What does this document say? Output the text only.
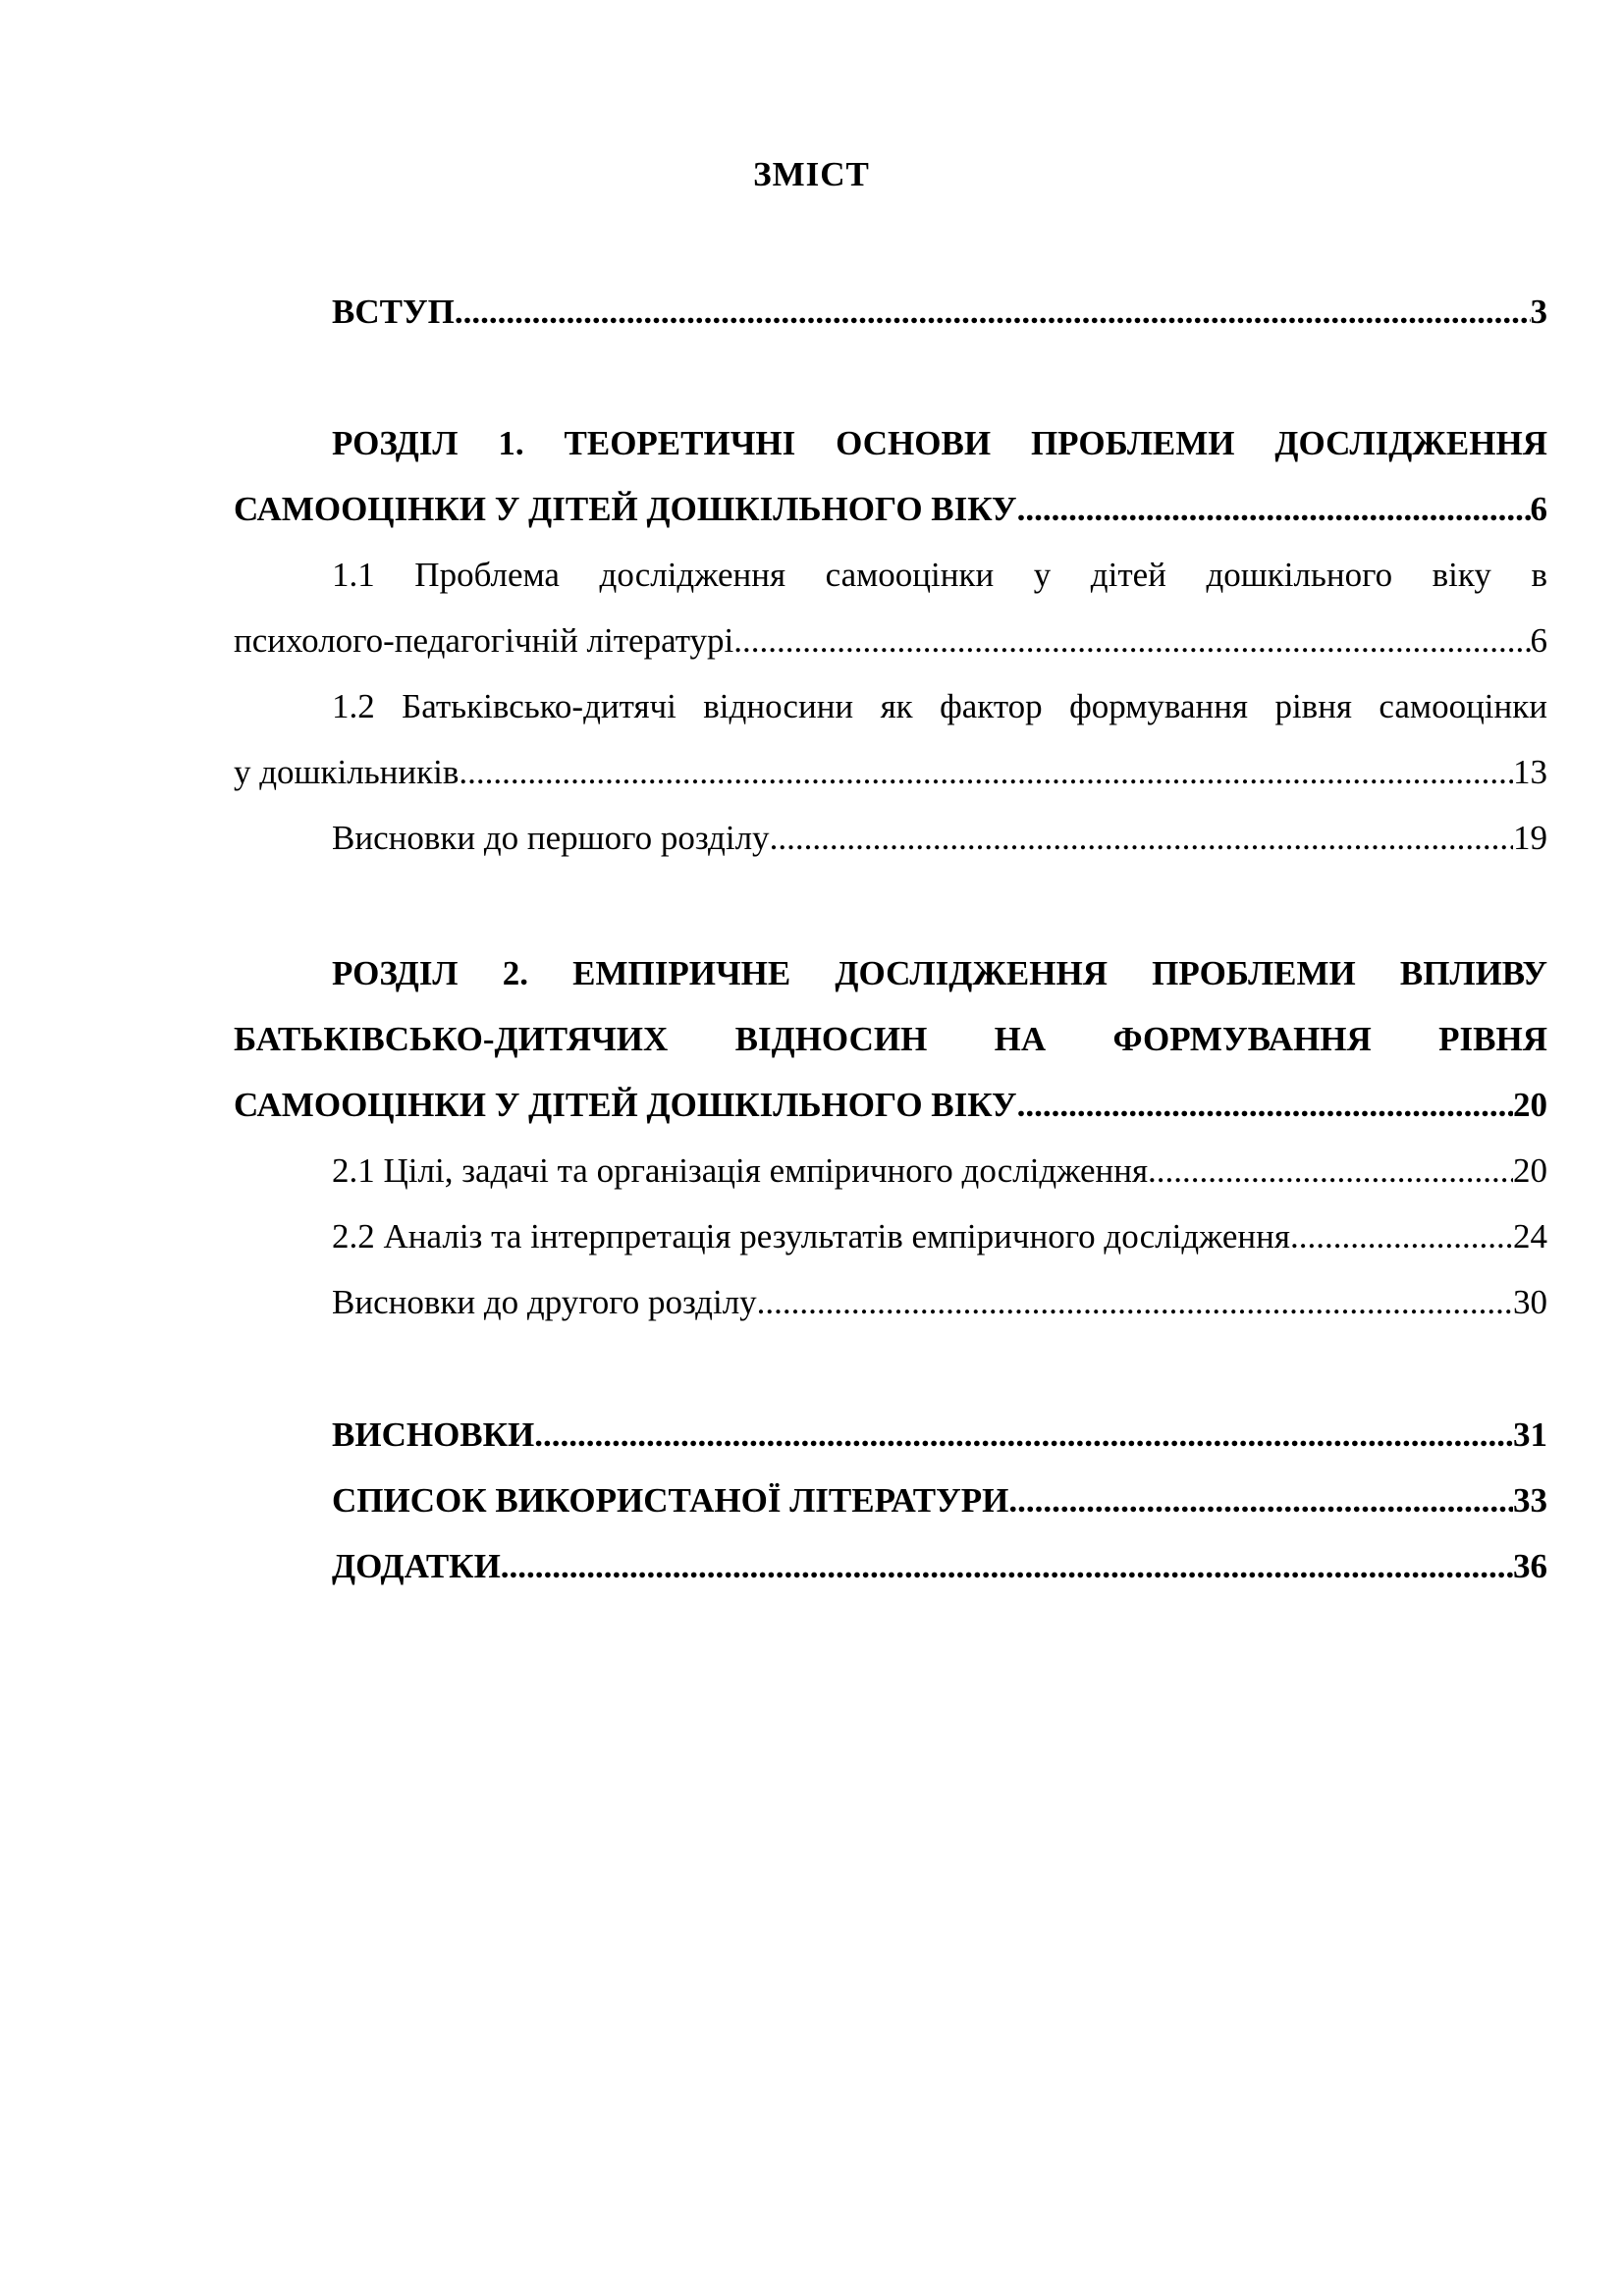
ЗМІСТ
ВСТУП .....	3
РОЗДІЛ 1. ТЕОРЕТИЧНІ ОСНОВИ ПРОБЛЕМИ ДОСЛІДЖЕННЯ
САМООЦІНКИ У ДІТЕЙ ДОШКІЛЬНОГО ВІКУ .....	6
1.1 Проблема дослідження самооцінки у дітей дошкільного віку в
психолого-педагогічній літературі .....	6
1.2 Батьківсько-дитячі відносини як фактор формування рівня самооцінки
у дошкільників .....	13
Висновки до першого розділу .....	19
РОЗДІЛ 2. ЕМПІРИЧНЕ ДОСЛІДЖЕННЯ ПРОБЛЕМИ ВПЛИВУ
БАТЬКІВСЬКО-ДИТЯЧИХ ВІДНОСИН НА ФОРМУВАННЯ РІВНЯ
САМООЦІНКИ У ДІТЕЙ ДОШКІЛЬНОГО ВІКУ .....	20
2.1 Цілі, задачі та організація емпіричного дослідження .....	20
2.2 Аналіз та інтерпретація результатів емпіричного дослідження .....	24
Висновки до другого розділу .....	30
ВИСНОВКИ .....	31
СПИСОК ВИКОРИСТАНОЇ ЛІТЕРАТУРИ .....	33
ДОДАТКИ .....	36
